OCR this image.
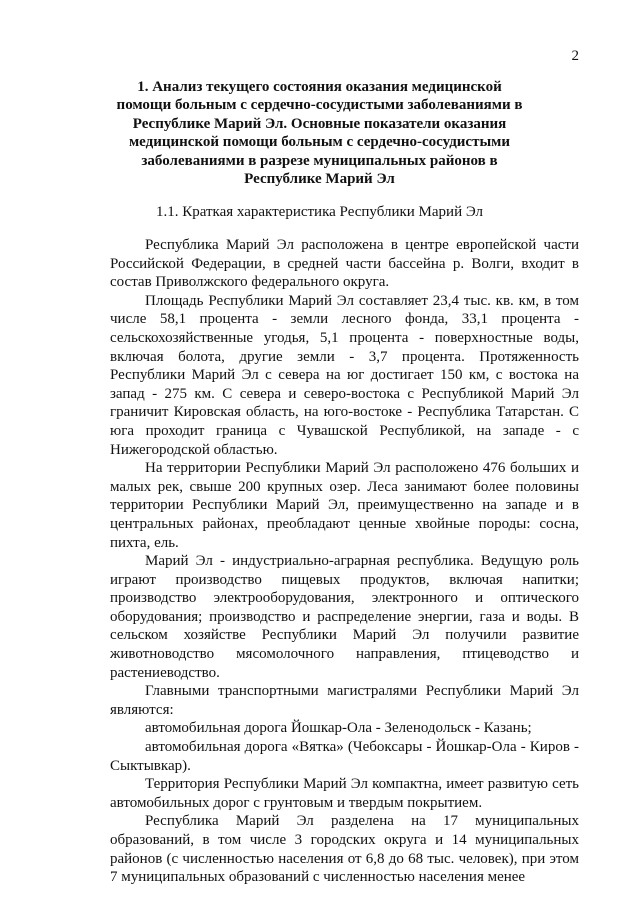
2
1. Анализ текущего состояния оказания медицинской помощи больным с сердечно-сосудистыми заболеваниями в Республике Марий Эл. Основные показатели оказания медицинской помощи больным с сердечно-сосудистыми заболеваниями в разрезе муниципальных районов в Республике Марий Эл
1.1. Краткая характеристика Республики Марий Эл

Республика Марий Эл расположена в центре европейской части Российской Федерации, в средней части бассейна р. Волги, входит в состав Приволжского федерального округа.

Площадь Республики Марий Эл составляет 23,4 тыс. кв. км, в том числе 58,1 процента - земли лесного фонда, 33,1 процента - сельскохозяйственные угодья, 5,1 процента - поверхностные воды, включая болота, другие земли - 3,7 процента. Протяженность Республики Марий Эл с севера на юг достигает 150 км, с востока на запад - 275 км. С севера и северо-востока с Республикой Марий Эл граничит Кировская область, на юго-востоке - Республика Татарстан. С юга проходит граница с Чувашской Республикой, на западе - с Нижегородской областью.

На территории Республики Марий Эл расположено 476 больших и малых рек, свыше 200 крупных озер. Леса занимают более половины территории Республики Марий Эл, преимущественно на западе и в центральных районах, преобладают ценные хвойные породы: сосна, пихта, ель.

Марий Эл - индустриально-аграрная республика. Ведущую роль играют производство пищевых продуктов, включая напитки; производство электрооборудования, электронного и оптического оборудования; производство и распределение энергии, газа и воды. В сельском хозяйстве Республики Марий Эл получили развитие животноводство мясомолочного направления, птицеводство и растениеводство.

Главными транспортными магистралями Республики Марий Эл являются:

автомобильная дорога Йошкар-Ола - Зеленодольск - Казань;

автомобильная дорога «Вятка» (Чебоксары - Йошкар-Ола - Киров - Сыктывкар).

Территория Республики Марий Эл компактна, имеет развитую сеть автомобильных дорог с грунтовым и твердым покрытием.

Республика Марий Эл разделена на 17 муниципальных образований, в том числе 3 городских округа и 14 муниципальных районов (с численностью населения от 6,8 до 68 тыс. человек), при этом 7 муниципальных образований с численностью населения менее
